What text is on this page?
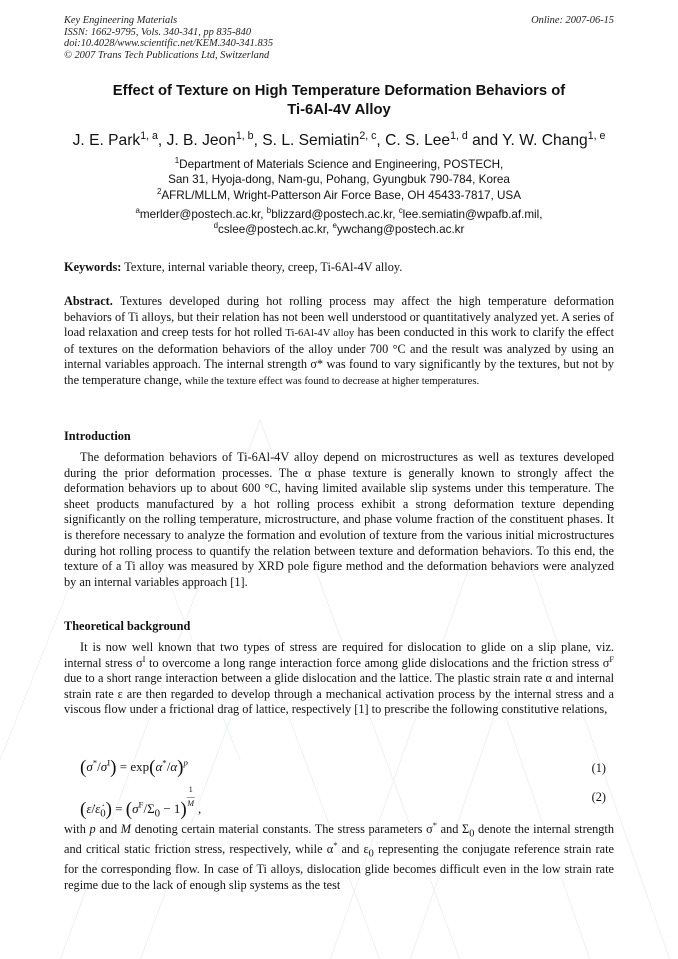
Key Engineering Materials
ISSN: 1662-9795, Vols. 340-341, pp 835-840
doi:10.4028/www.scientific.net/KEM.340-341.835
© 2007 Trans Tech Publications Ltd, Switzerland
Online: 2007-06-15
Effect of Texture on High Temperature Deformation Behaviors of
Ti-6Al-4V Alloy
J. E. Park$^{1, a}$, J. B. Jeon$^{1, b}$, S. L. Semiatin$^{2, c}$, C. S. Lee$^{1, d}$ and Y. W. Chang$^{1, e}$
$^1$Department of Materials Science and Engineering, POSTECH,
San 31, Hyoja-dong, Nam-gu, Pohang, Gyungbuk 790-784, Korea
$^2$AFRL/MLLM, Wright-Patterson Air Force Base, OH 45433-7817, USA
$^a$merlder@postech.ac.kr, $^b$blizzard@postech.ac.kr, $^c$lee.semiatin@wpafb.af.mil,
$^d$cslee@postech.ac.kr, $^e$ywchang@postech.ac.kr
Keywords: Texture, internal variable theory, creep, Ti-6Al-4V alloy.
Abstract. Textures developed during hot rolling process may affect the high temperature deformation behaviors of Ti alloys, but their relation has not been well understood or quantitatively analyzed yet. A series of load relaxation and creep tests for hot rolled Ti-6Al-4V alloy has been conducted in this work to clarify the effect of textures on the deformation behaviors of the alloy under 700 °C and the result was analyzed by using an internal variables approach. The internal strength σ* was found to vary significantly by the textures, but not by the temperature change, while the texture effect was found to decrease at higher temperatures.
Introduction
The deformation behaviors of Ti-6Al-4V alloy depend on microstructures as well as textures developed during the prior deformation processes. The α phase texture is generally known to strongly affect the deformation behaviors up to about 600 °C, having limited available slip systems under this temperature. The sheet products manufactured by a hot rolling process exhibit a strong deformation texture depending significantly on the rolling temperature, microstructure, and phase volume fraction of the constituent phases. It is therefore necessary to analyze the formation and evolution of texture from the various initial microstructures during hot rolling process to quantify the relation between texture and deformation behaviors. To this end, the texture of a Ti alloy was measured by XRD pole figure method and the deformation behaviors were analyzed by an internal variables approach [1].
Theoretical background
It is now well known that two types of stress are required for dislocation to glide on a slip plane, viz. internal stress $\sigma^I$ to overcome a long range interaction force among glide dislocations and the friction stress $\sigma^F$ due to a short range interaction between a glide dislocation and the lattice. The plastic strain rate α and internal strain rate ε are then regarded to develop through a mechanical activation process by the internal stress and a viscous flow under a frictional drag of lattice, respectively [1] to prescribe the following constitutive relations,
$(\sigma^*/\sigma^I)$ = exp(α*/α̇)$^p$	(1)
$(\varepsiloṅ/\varepsiloṅ_0) = (\sigma^F/\Sigma_0 - 1)1$
—
M ,
(2)
with p and M denoting certain material constants. The stress parameters σ* and $\Sigma_0$ denote the internal strength and critical static friction stress, respectively, while α* and $\varepsilon_0$ representing the conjugate reference strain rate for the corresponding flow. In case of Ti alloys, dislocation glide becomes difficult even in the low strain rate regime due to the lack of enough slip systems as the test
